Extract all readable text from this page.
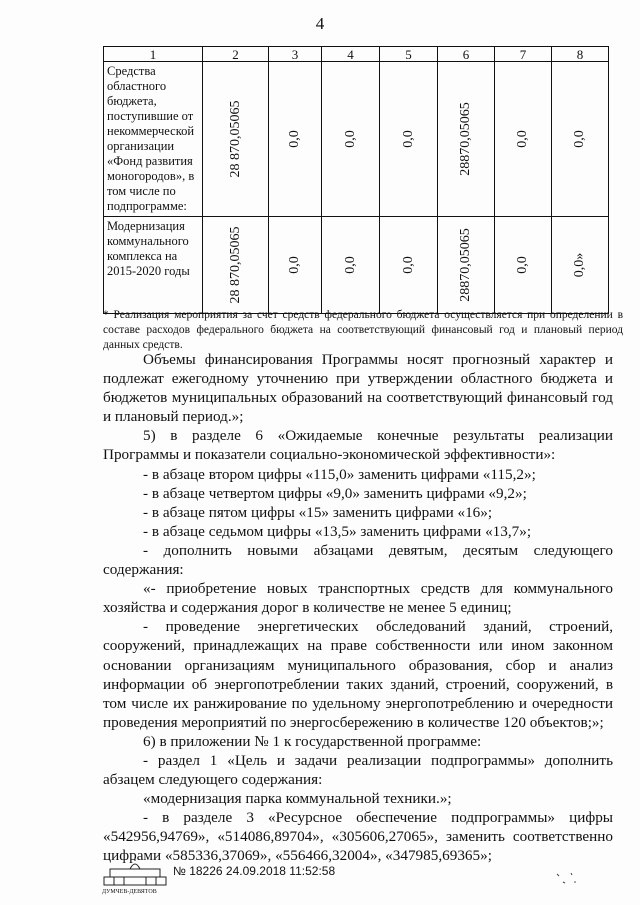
4
1	2	3	4	5	6	7	8
Средства областного бюджета, поступившие от некоммерческой организации «Фонд развития моногородов», в том числе по подпрограмме:	28 870,05065	0,0	0,0	0,0	28870,05065	0,0	0,0

Модернизация коммунального комплекса на 2015-2020 годы	28 870,05065	0,0	0,0	0,0	28870,05065	0,0	0,0»
* Реализация мероприятия за счет средств федерального бюджета осуществляется при определении в составе расходов федерального бюджета на соответствующий финансовый год и плановый период данных средств.

Объемы финансирования Программы носят прогнозный характер и подлежат ежегодному уточнению при утверждении областного бюджета и бюджетов муниципальных образований на соответствующий финансовый год и плановый период.»;

5) в разделе 6 «Ожидаемые конечные результаты реализации Программы и показатели социально-экономической эффективности»:

- в абзаце втором цифры «115,0» заменить цифрами «115,2»;

- в абзаце четвертом цифры «9,0» заменить цифрами «9,2»;

- в абзаце пятом цифры «15» заменить цифрами «16»;

- в абзаце седьмом цифры «13,5» заменить цифрами «13,7»;

- дополнить новыми абзацами девятым, десятым следующего содержания:

«- приобретение новых транспортных средств для коммунального хозяйства и содержания дорог в количестве не менее 5 единиц;

- проведение энергетических обследований зданий, строений, сооружений, принадлежащих на праве собственности или ином законном основании организациям муниципального образования, сбор и анализ информации об энергопотреблении таких зданий, строений, сооружений, в том числе их ранжирование по удельному энергопотреблению и очередности проведения мероприятий по энергосбережению в количестве 120 объектов;»;

6) в приложении № 1 к государственной программе:

- раздел 1 «Цель и задачи реализации подпрограммы» дополнить абзацем следующего содержания:

«модернизация парка коммунальной техники.»;

- в разделе 3 «Ресурсное обеспечение подпрограммы» цифры «542956,94769», «514086,89704», «305606,27065», заменить соответственно цифрами «585336,37069», «556466,32004», «347985,69365»;

ДУМЧЕВ-ДЕВЯТОВ
№ 18226 24.09.2018 11:52:58
